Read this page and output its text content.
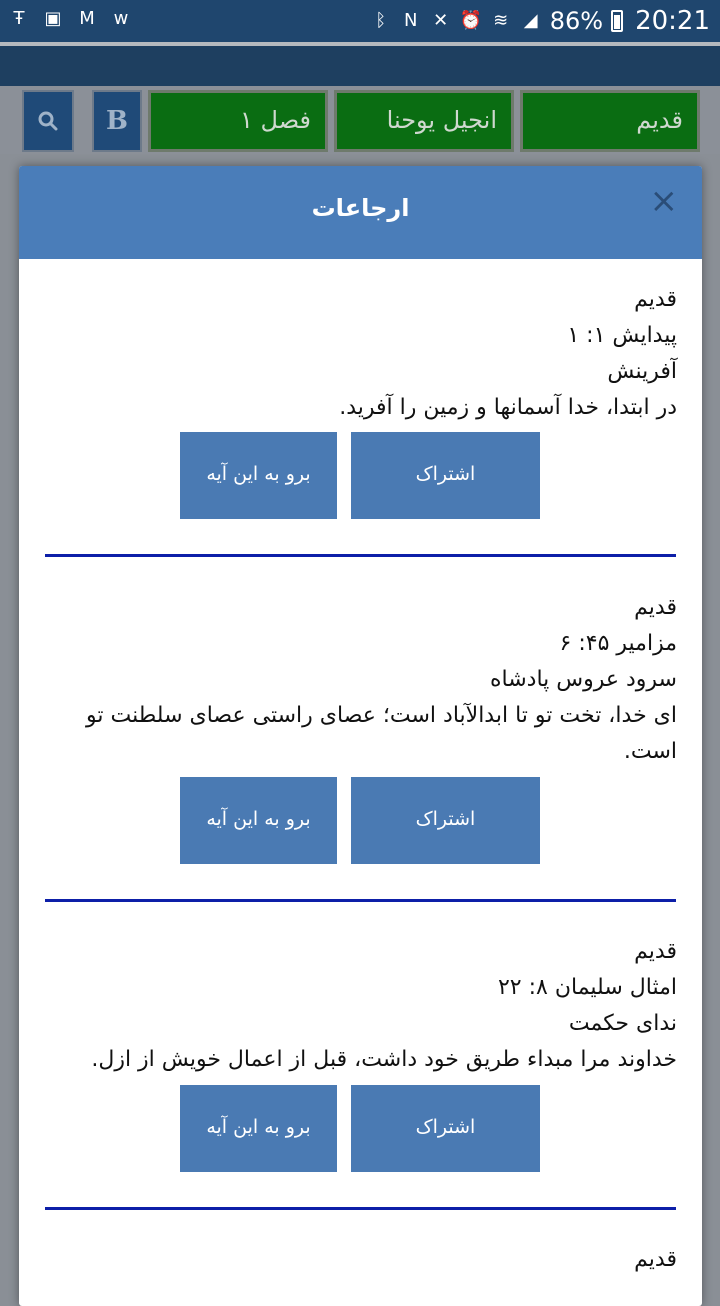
Ŧ	▣ M w	ᛒ N ✕ ⏰ ≋ ◢ 86% 20:21
B	فصل ۱	انجیل یوحنا	قدیم
ارجاعات	×
قدیم
پیدایش ۱: ۱
آفرینش
در ابتدا، خدا آسمانها و زمین را آفرید.
اشتراک
برو به این آیه
قدیم
مزامیر ۴۵: ۶
سرود عروس پادشاه
ای خدا، تخت تو تا ابدالآباد است؛ عصای راستی عصای سلطنت تو است.
اشتراک
برو به این آیه
قدیم
امثال سلیمان ۸: ۲۲
ندای حکمت
خداوند مرا مبداء طریق خود داشت، قبل از اعمال خویش از ازل.
اشتراک
برو به این آیه
قدیم
